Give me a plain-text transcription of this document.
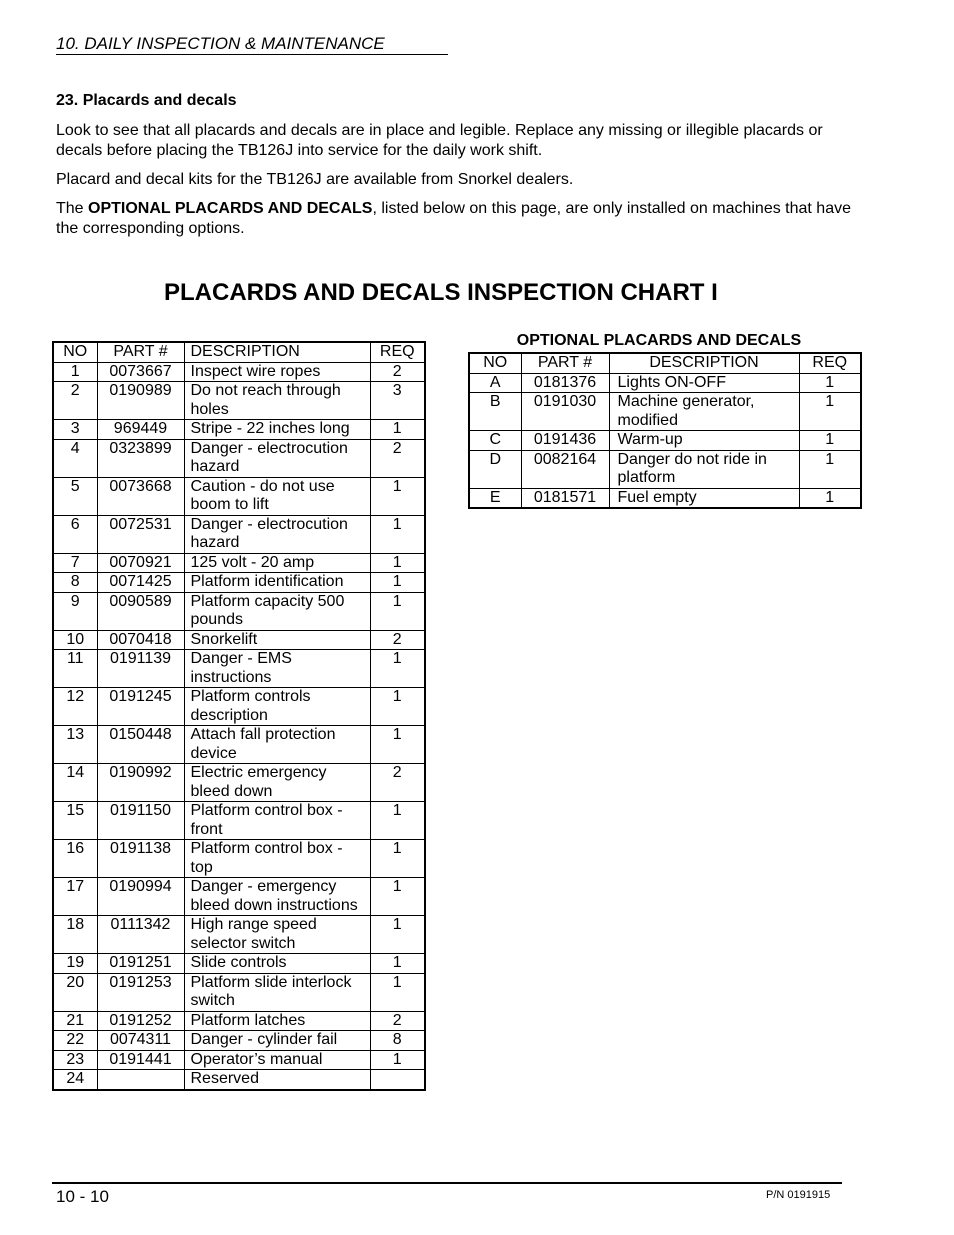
10. DAILY INSPECTION & MAINTENANCE
23. Placards and decals

Look to see that all placards and decals are in place and legible. Replace any missing or illegible placards or decals before placing the TB126J into service for the daily work shift.

Placard and decal kits for the TB126J are available from Snorkel dealers.

The OPTIONAL PLACARDS AND DECALS, listed below on this page, are only installed on machines that have the corresponding options.

PLACARDS AND DECALS INSPECTION CHART I
NO	PART #	DESCRIPTION	REQ
1	0073667	Inspect wire ropes	2
2	0190989	Do not reach through holes	3
3	969449	Stripe - 22 inches long	1
4	0323899	Danger - electrocution hazard	2
5	0073668	Caution - do not use boom to lift	1
6	0072531	Danger - electrocution hazard	1
7	0070921	125 volt - 20 amp	1
8	0071425	Platform identification	1
9	0090589	Platform capacity 500 pounds	1
10	0070418	Snorkelift	2
11	0191139	Danger - EMS instructions	1
12	0191245	Platform controls description	1
13	0150448	Attach fall protection device	1
14	0190992	Electric emergency bleed down	2
15	0191150	Platform control box - front	1
16	0191138	Platform control box - top	1
17	0190994	Danger - emergency bleed down instructions	1
18	0111342	High range speed selector switch	1
19	0191251	Slide controls	1
20	0191253	Platform slide interlock switch	1
21	0191252	Platform latches	2
22	0074311	Danger - cylinder fail	8
23	0191441	Operator’s manual	1
24		Reserved	
OPTIONAL PLACARDS AND DECALS
NO	PART #	DESCRIPTION	REQ
A	0181376	Lights ON-OFF	1
B	0191030	Machine generator, modified	1
C	0191436	Warm-up	1
D	0082164	Danger do not ride in platform	1
E	0181571	Fuel empty	1
10 - 10	P/N 0191915
